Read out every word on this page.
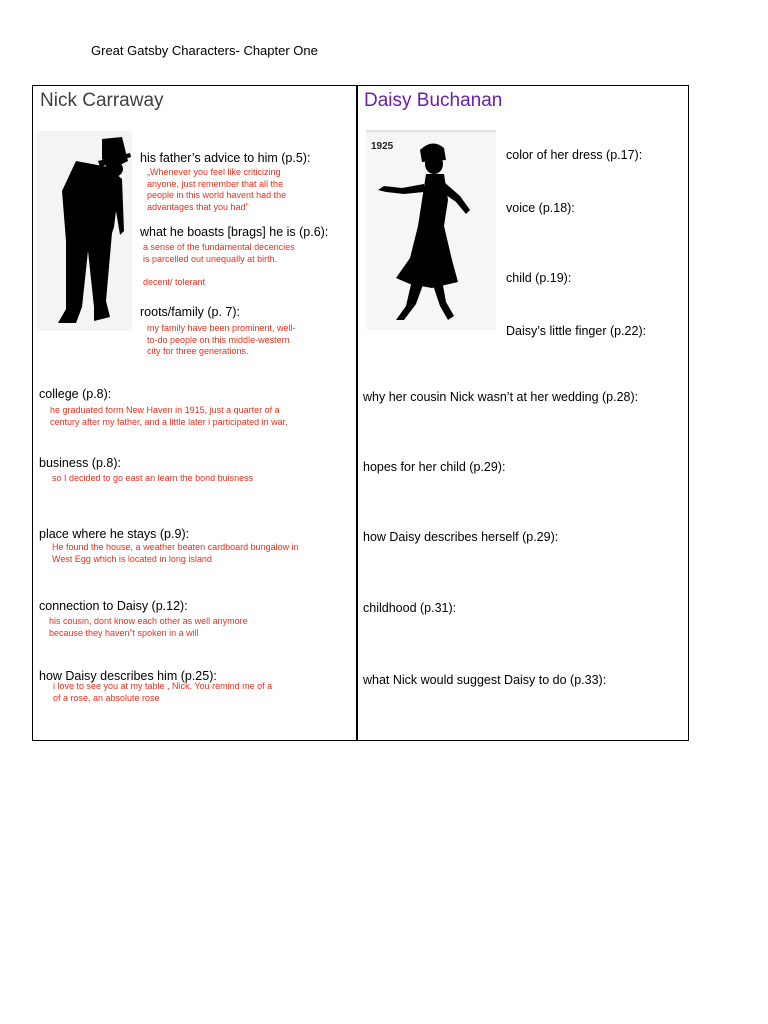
Great Gatsby Characters- Chapter One
Nick Carraway
his father’s advice to him (p.5):
„Whenever you feel like criticizing
anyone, just remember that all the
people in this world havent had the
advantages that you had”
what he boasts [brags] he is (p.6):
a sense of the fundamental decencies
is parcelled out unequally at birth.
decent/ tolerant
roots/family (p. 7):
my family have been prominent, well-
to-do people on this middle-western
city for three generations.
college (p.8):
he graduated form New Haven in 1915, just a quarter of a
century after my father, and a little later i participated in war.
business (p.8):
so I decided to go east an learn the bond buisness
place where he stays (p.9):
He found the house, a weather beaten cardboard bungalow in
West Egg which is located in long island
connection to Daisy (p.12):
his cousin, dont know each other as well anymore
because they haven”t spoken in a will
how Daisy describes him (p.25):
i love to see you at my table , Nick. You remind me of a
of a rose, an absolute rose
Daisy Buchanan
1925
color of her dress (p.17):
voice (p.18):
child (p.19):
Daisy’s little finger (p.22):
why her cousin Nick wasn’t at her wedding (p.28):
hopes for her child (p.29):
how Daisy describes herself (p.29):
childhood (p.31):
what Nick would suggest Daisy to do (p.33):
